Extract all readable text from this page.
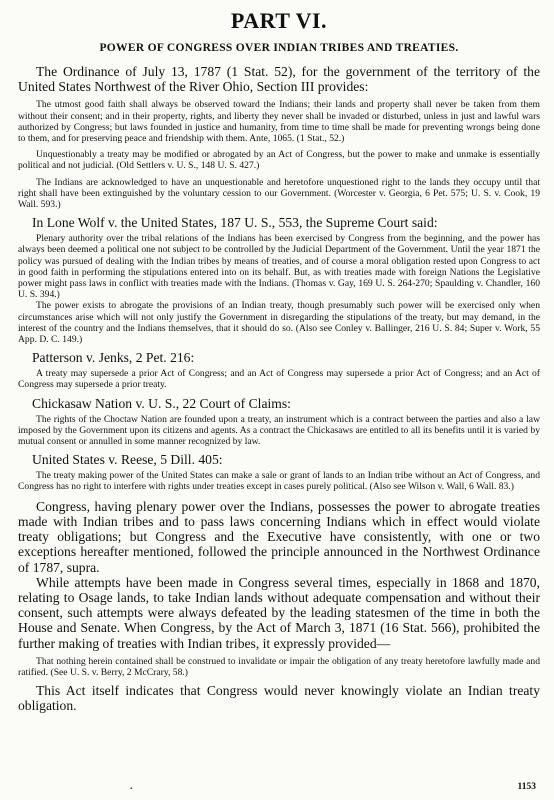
PART VI.
POWER OF CONGRESS OVER INDIAN TRIBES AND TREATIES.

The Ordinance of July 13, 1787 (1 Stat. 52), for the government of the territory of the United States Northwest of the River Ohio, Section III provides:

The utmost good faith shall always be observed toward the Indians; their lands and property shall never be taken from them without their consent; and in their property, rights, and liberty they never shall be invaded or disturbed, unless in just and lawful wars authorized by Congress; but laws founded in justice and humanity, from time to time shall be made for preventing wrongs being done to them, and for preserving peace and friendship with them. Ante, 1065. (1 Stat., 52.)

Unquestionably a treaty may be modified or abrogated by an Act of Congress, but the power to make and unmake is essentially political and not judicial. (Old Settlers v. U. S., 148 U. S. 427.)

The Indians are acknowledged to have an unquestionable and heretofore unquestioned right to the lands they occupy until that right shall have been extinguished by the voluntary cession to our Government. (Worcester v. Georgia, 6 Pet. 575; U. S. v. Cook, 19 Wall. 593.)

In Lone Wolf v. the United States, 187 U. S., 553, the Supreme Court said:

Plenary authority over the tribal relations of the Indians has been exercised by Congress from the beginning, and the power has always been deemed a political one not subject to be controlled by the Judicial Department of the Government. Until the year 1871 the policy was pursued of dealing with the Indian tribes by means of treaties, and of course a moral obligation rested upon Congress to act in good faith in performing the stipulations entered into on its behalf. But, as with treaties made with foreign Nations the Legislative power might pass laws in conflict with treaties made with the Indians. (Thomas v. Gay, 169 U. S. 264-270; Spaulding v. Chandler, 160 U. S. 394.)

The power exists to abrogate the provisions of an Indian treaty, though presumably such power will be exercised only when circumstances arise which will not only justify the Government in disregarding the stipulations of the treaty, but may demand, in the interest of the country and the Indians themselves, that it should do so. (Also see Conley v. Ballinger, 216 U. S. 84; Super v. Work, 55 App. D. C. 149.)

Patterson v. Jenks, 2 Pet. 216:

A treaty may supersede a prior Act of Congress; and an Act of Congress may supersede a prior Act of Congress; and an Act of Congress may supersede a prior treaty.

Chickasaw Nation v. U. S., 22 Court of Claims:

The rights of the Choctaw Nation are founded upon a treaty, an instrument which is a contract between the parties and also a law imposed by the Government upon its citizens and agents. As a contract the Chickasaws are entitled to all its benefits until it is varied by mutual consent or annulled in some manner recognized by law.

United States v. Reese, 5 Dill. 405:

The treaty making power of the United States can make a sale or grant of lands to an Indian tribe without an Act of Congress, and Congress has no right to interfere with rights under treaties except in cases purely political. (Also see Wilson v. Wall, 6 Wall. 83.)

Congress, having plenary power over the Indians, possesses the power to abrogate treaties made with Indian tribes and to pass laws concerning Indians which in effect would violate treaty obligations; but Congress and the Executive have consistently, with one or two exceptions hereafter mentioned, followed the principle announced in the Northwest Ordinance of 1787, supra.

While attempts have been made in Congress several times, especially in 1868 and 1870, relating to Osage lands, to take Indian lands without adequate compensation and without their consent, such attempts were always defeated by the leading statesmen of the time in both the House and Senate. When Congress, by the Act of March 3, 1871 (16 Stat. 566), prohibited the further making of treaties with Indian tribes, it expressly provided—

That nothing herein contained shall be construed to invalidate or impair the obligation of any treaty heretofore lawfully made and ratified. (See U. S. v. Berry, 2 McCrary, 58.)

This Act itself indicates that Congress would never knowingly violate an Indian treaty obligation.

.	1153
